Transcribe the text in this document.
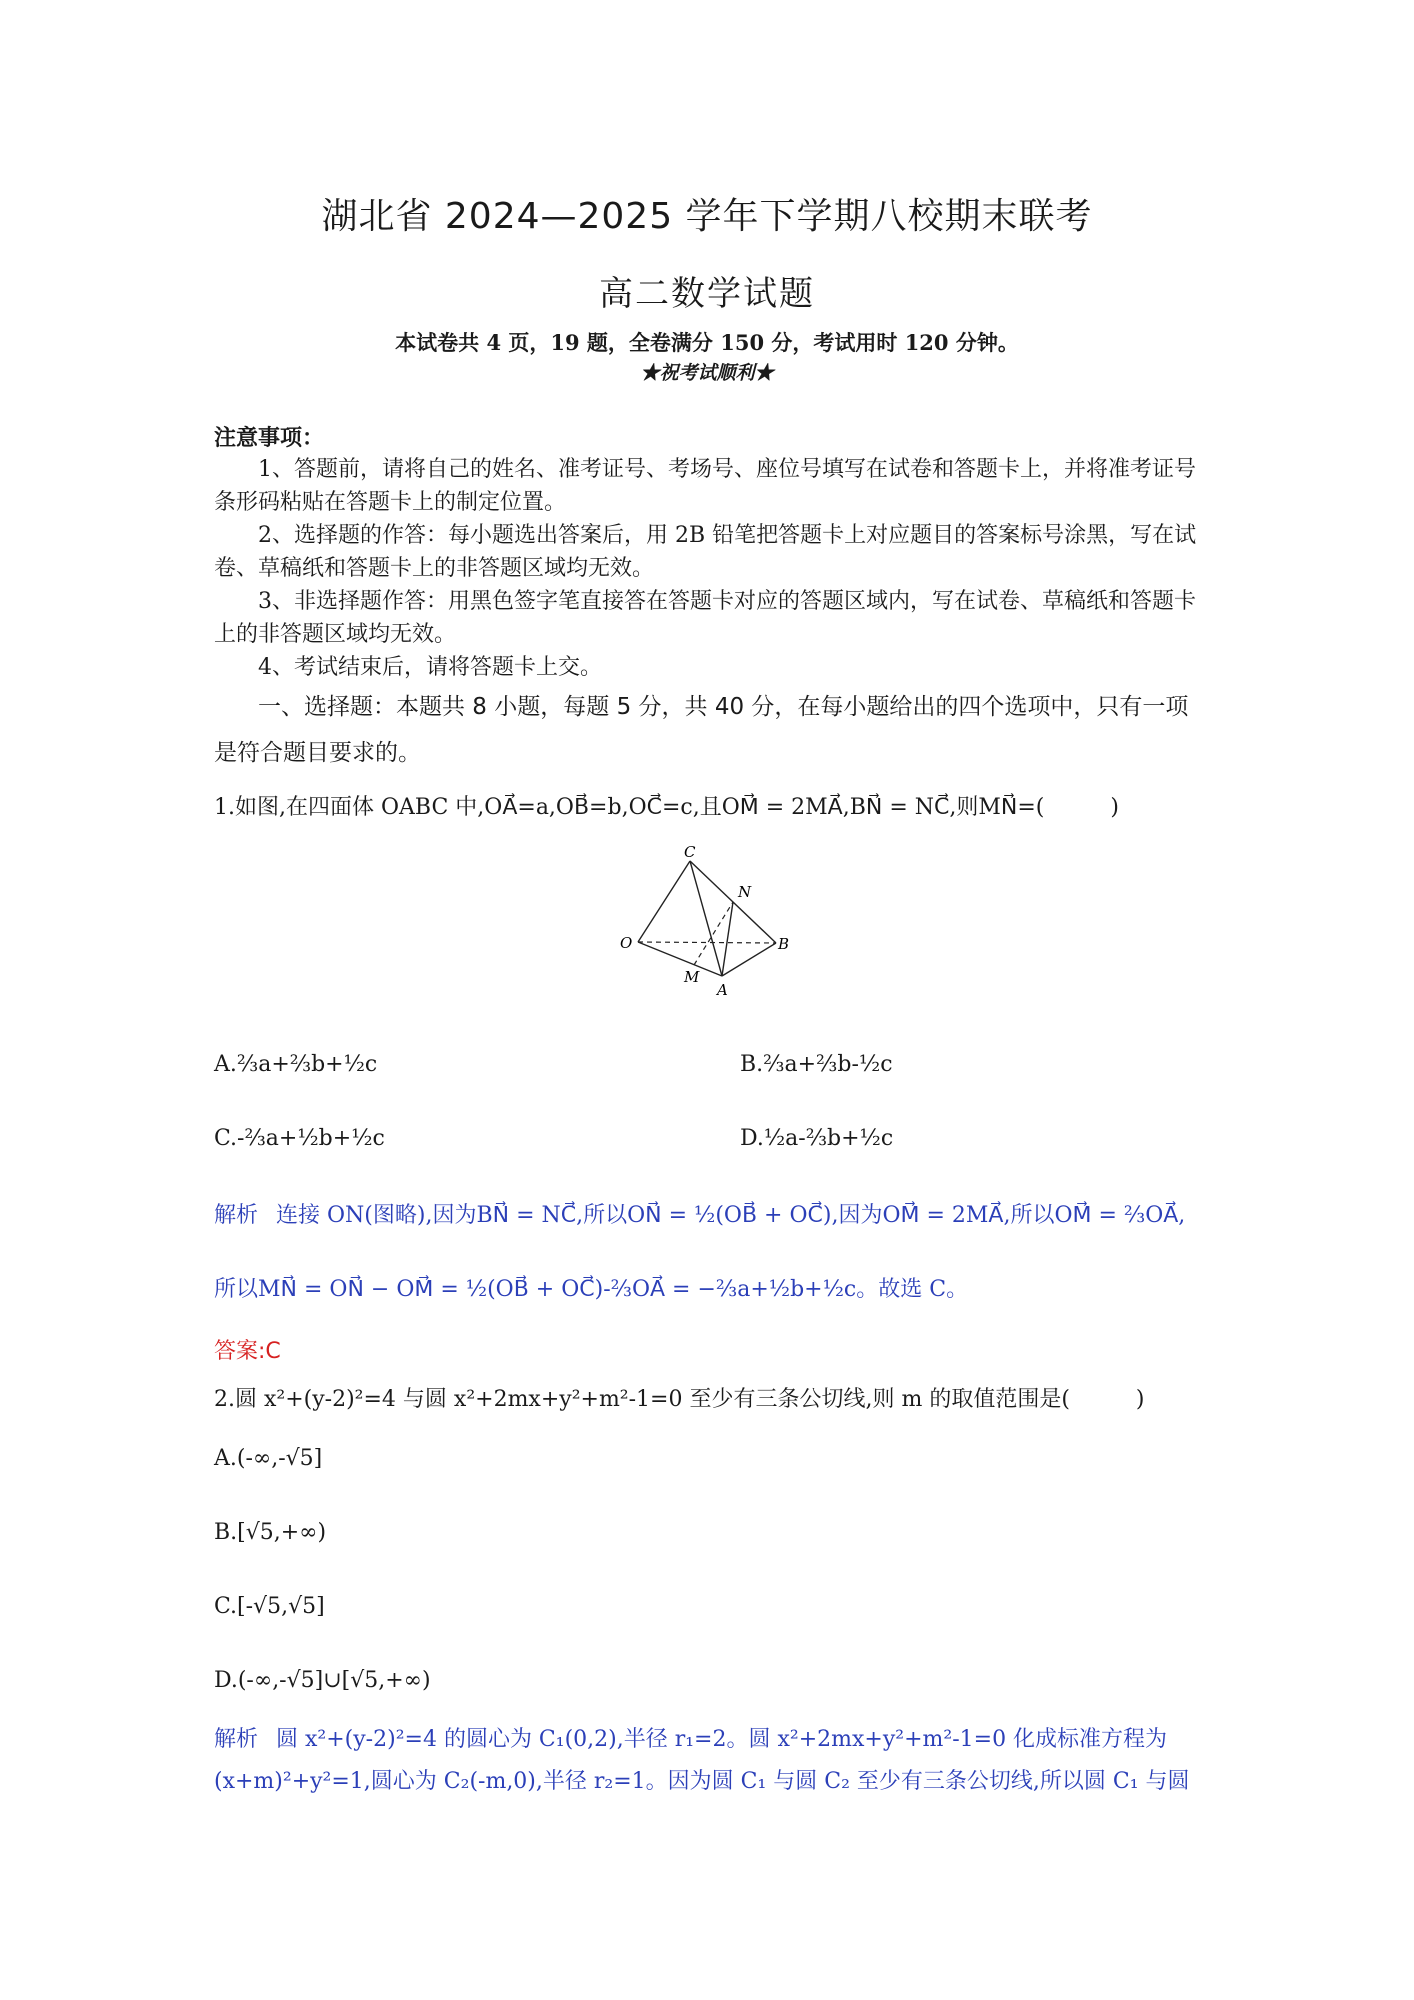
湖北省 2024—2025 学年下学期八校期末联考
高二数学试题
本试卷共 4 页，19 题，全卷满分 150 分，考试用时 120 分钟。
★祝考试顺利★
注意事项：
1、答题前，请将自己的姓名、准考证号、考场号、座位号填写在试卷和答题卡上，并将准考证号条形码粘贴在答题卡上的制定位置。
2、选择题的作答：每小题选出答案后，用 2B 铅笔把答题卡上对应题目的答案标号涂黑，写在试卷、草稿纸和答题卡上的非答题区域均无效。
3、非选择题作答：用黑色签字笔直接答在答题卡对应的答题区域内，写在试卷、草稿纸和答题卡上的非答题区域均无效。
4、考试结束后，请将答题卡上交。
一、选择题：本题共 8 小题，每题 5 分，共 40 分，在每小题给出的四个选项中，只有一项是符合题目要求的。
1.如图,在四面体 OABC 中,OA⃗=a,OB⃗=b,OC⃗=c,且OM⃗ = 2MA⃗,BN⃗ = NC⃗,则MN⃗=(　　　)
C
N
O	B
M
A
A.⅔a+⅔b+½c	B.⅔a+⅔b-½c
C.-⅔a+½b+½c	D.½a-⅔b+½c
解析 连接 ON(图略),因为BN⃗ = NC⃗,所以ON⃗ = ½(OB⃗ + OC⃗),因为OM⃗ = 2MA⃗,所以OM⃗ = ⅔OA⃗,
所以MN⃗ = ON⃗ − OM⃗ = ½(OB⃗ + OC⃗)-⅔OA⃗ = −⅔a+½b+½c。故选 C。
答案:C
2.圆 x²+(y-2)²=4 与圆 x²+2mx+y²+m²-1=0 至少有三条公切线,则 m 的取值范围是(　　　)
A.(-∞,-√5]
B.[√5,+∞)
C.[-√5,√5]
D.(-∞,-√5]∪[√5,+∞)
解析 圆 x²+(y-2)²=4 的圆心为 C₁(0,2),半径 r₁=2。圆 x²+2mx+y²+m²-1=0 化成标准方程为
(x+m)²+y²=1,圆心为 C₂(-m,0),半径 r₂=1。因为圆 C₁ 与圆 C₂ 至少有三条公切线,所以圆 C₁ 与圆
